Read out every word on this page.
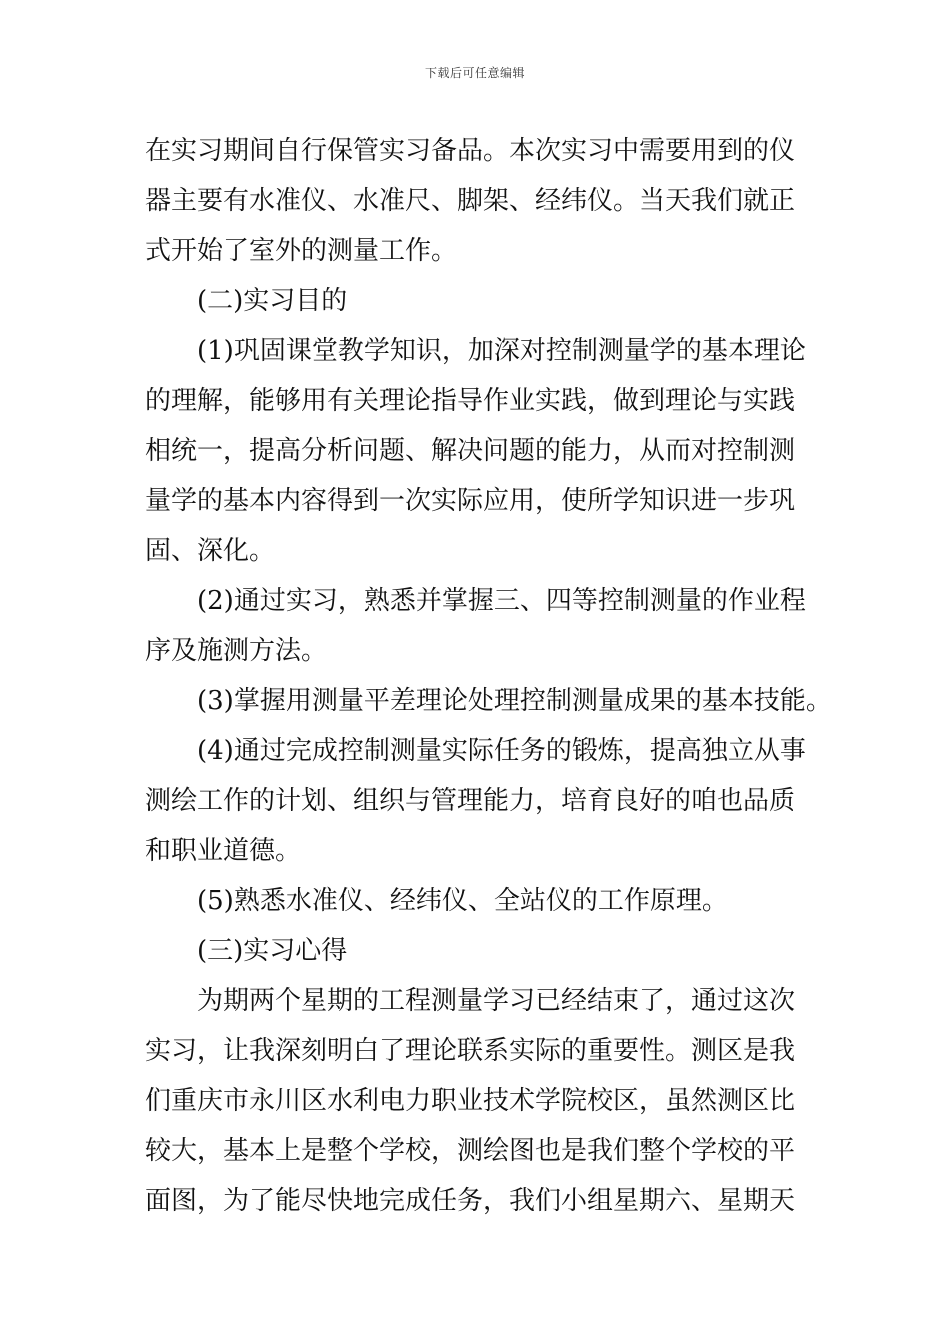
下载后可任意编辑
在实习期间自行保管实习备品。本次实习中需要用到的仪
器主要有水准仪、水准尺、脚架、经纬仪。当天我们就正
式开始了室外的测量工作。
(二)实习目的
(1)巩固课堂教学知识，加深对控制测量学的基本理论
的理解，能够用有关理论指导作业实践，做到理论与实践
相统一，提高分析问题、解决问题的能力，从而对控制测
量学的基本内容得到一次实际应用，使所学知识进一步巩
固、深化。
(2)通过实习，熟悉并掌握三、四等控制测量的作业程
序及施测方法。
(3)掌握用测量平差理论处理控制测量成果的基本技能。
(4)通过完成控制测量实际任务的锻炼，提高独立从事
测绘工作的计划、组织与管理能力，培育良好的咱也品质
和职业道德。
(5)熟悉水准仪、经纬仪、全站仪的工作原理。
(三)实习心得
为期两个星期的工程测量学习已经结束了，通过这次
实习，让我深刻明白了理论联系实际的重要性。测区是我
们重庆市永川区水利电力职业技术学院校区，虽然测区比
较大，基本上是整个学校，测绘图也是我们整个学校的平
面图，为了能尽快地完成任务，我们小组星期六、星期天
